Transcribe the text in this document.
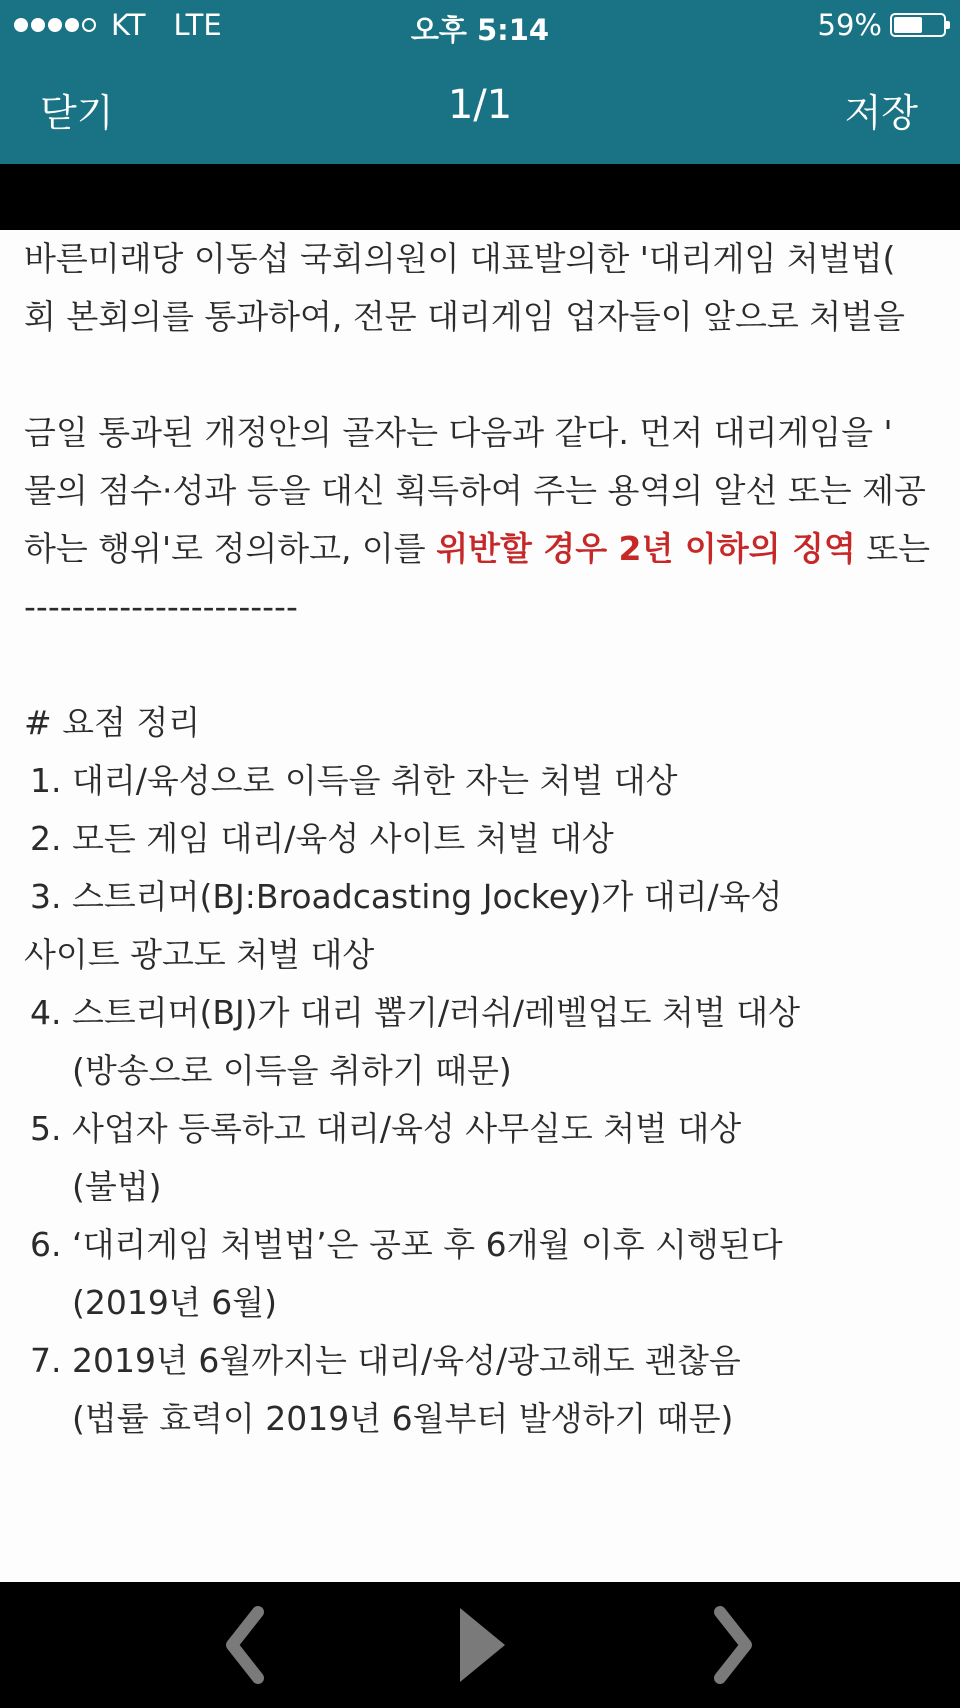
KT LTE	오후 5:14	59%
닫기	1/1	저장

바른미래당 이동섭 국회의원이 대표발의한 '대리게임 처벌법(

회 본회의를 통과하여, 전문 대리게임 업자들이 앞으로 처벌을

금일 통과된 개정안의 골자는 다음과 같다. 먼저 대리게임을 '

물의 점수·성과 등을 대신 획득하여 주는 용역의 알선 또는 제공

하는 행위'로 정의하고, 이를 위반할 경우 2년 이하의 징역 또는

-----------------------

# 요점 정리

1. 대리/육성으로 이득을 취한 자는 처벌 대상

2. 모든 게임 대리/육성 사이트 처벌 대상

3. 스트리머(BJ:Broadcasting Jockey)가 대리/육성

사이트 광고도 처벌 대상

4. 스트리머(BJ)가 대리 뽑기/러쉬/레벨업도 처벌 대상

(방송으로 이득을 취하기 때문)

5. 사업자 등록하고 대리/육성 사무실도 처벌 대상

(불법)

6. ‘대리게임 처벌법’은 공포 후 6개월 이후 시행된다

(2019년 6월)

7. 2019년 6월까지는 대리/육성/광고해도 괜찮음

(법률 효력이 2019년 6월부터 발생하기 때문)
